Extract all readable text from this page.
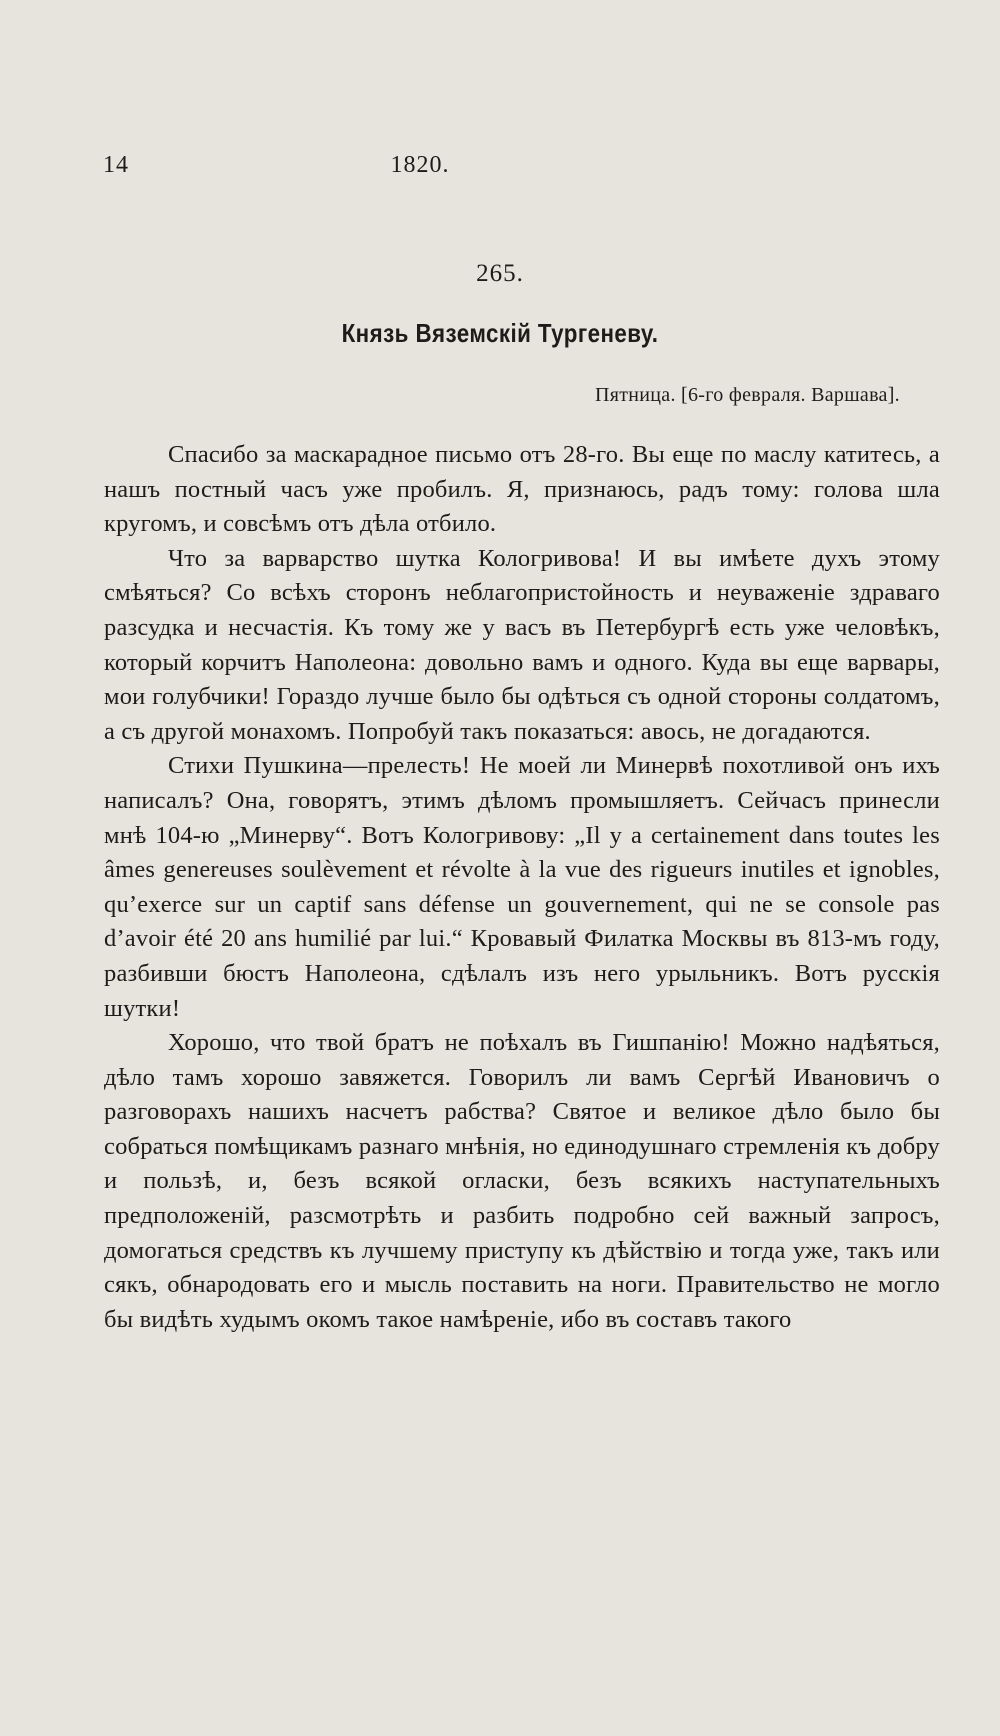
14	1820.
265.
Князь Вяземскій Тургеневу.
Пятница. [6-го февраля. Варшава].

Спасибо за маскарадное письмо отъ 28-го. Вы еще по маслу катитесь, а нашъ постный часъ уже пробилъ. Я, признаюсь, радъ тому: голова шла кругомъ, и совсѣмъ отъ дѣла отбило.

Что за варварство шутка Кологривова! И вы имѣете духъ этому смѣяться? Со всѣхъ сторонъ неблагопристойность и неуваженіе здраваго разсудка и несчастія. Къ тому же у васъ въ Петербургѣ есть уже человѣкъ, который корчитъ Наполеона: довольно вамъ и одного. Куда вы еще варвары, мои голубчики! Гораздо лучше было бы одѣться съ одной стороны солдатомъ, а съ другой монахомъ. Попробуй такъ показаться: авось, не догадаются.

Стихи Пушкина—прелесть! Не моей ли Минервѣ похотливой онъ ихъ написалъ? Она, говорятъ, этимъ дѣломъ промышляетъ. Сейчасъ принесли мнѣ 104-ю „Минерву“. Вотъ Кологривову: „Il y a certainement dans toutes les âmes genereuses soulèvement et révolte à la vue des rigueurs inutiles et ignobles, qu’exerce sur un captif sans défense un gouvernement, qui ne se console pas d’avoir été 20 ans humilié par lui.“ Кровавый Филатка Москвы въ 813-мъ году, разбивши бюстъ Наполеона, сдѣлалъ изъ него урыльникъ. Вотъ русскія шутки!

Хорошо, что твой братъ не поѣхалъ въ Гишпанію! Можно надѣяться, дѣло тамъ хорошо завяжется. Говорилъ ли вамъ Сергѣй Ивановичъ о разговорахъ нашихъ насчетъ рабства? Святое и великое дѣло было бы собраться помѣщикамъ разнаго мнѣнія, но единодушнаго стремленія къ добру и пользѣ, и, безъ всякой огласки, безъ всякихъ наступательныхъ предположеній, разсмотрѣть и разбить подробно сей важный запросъ, домогаться средствъ къ лучшему приступу къ дѣйствію и тогда уже, такъ или сякъ, обнародовать его и мысль поставить на ноги. Правительство не могло бы видѣть худымъ окомъ такое намѣреніе, ибо въ составъ такого
